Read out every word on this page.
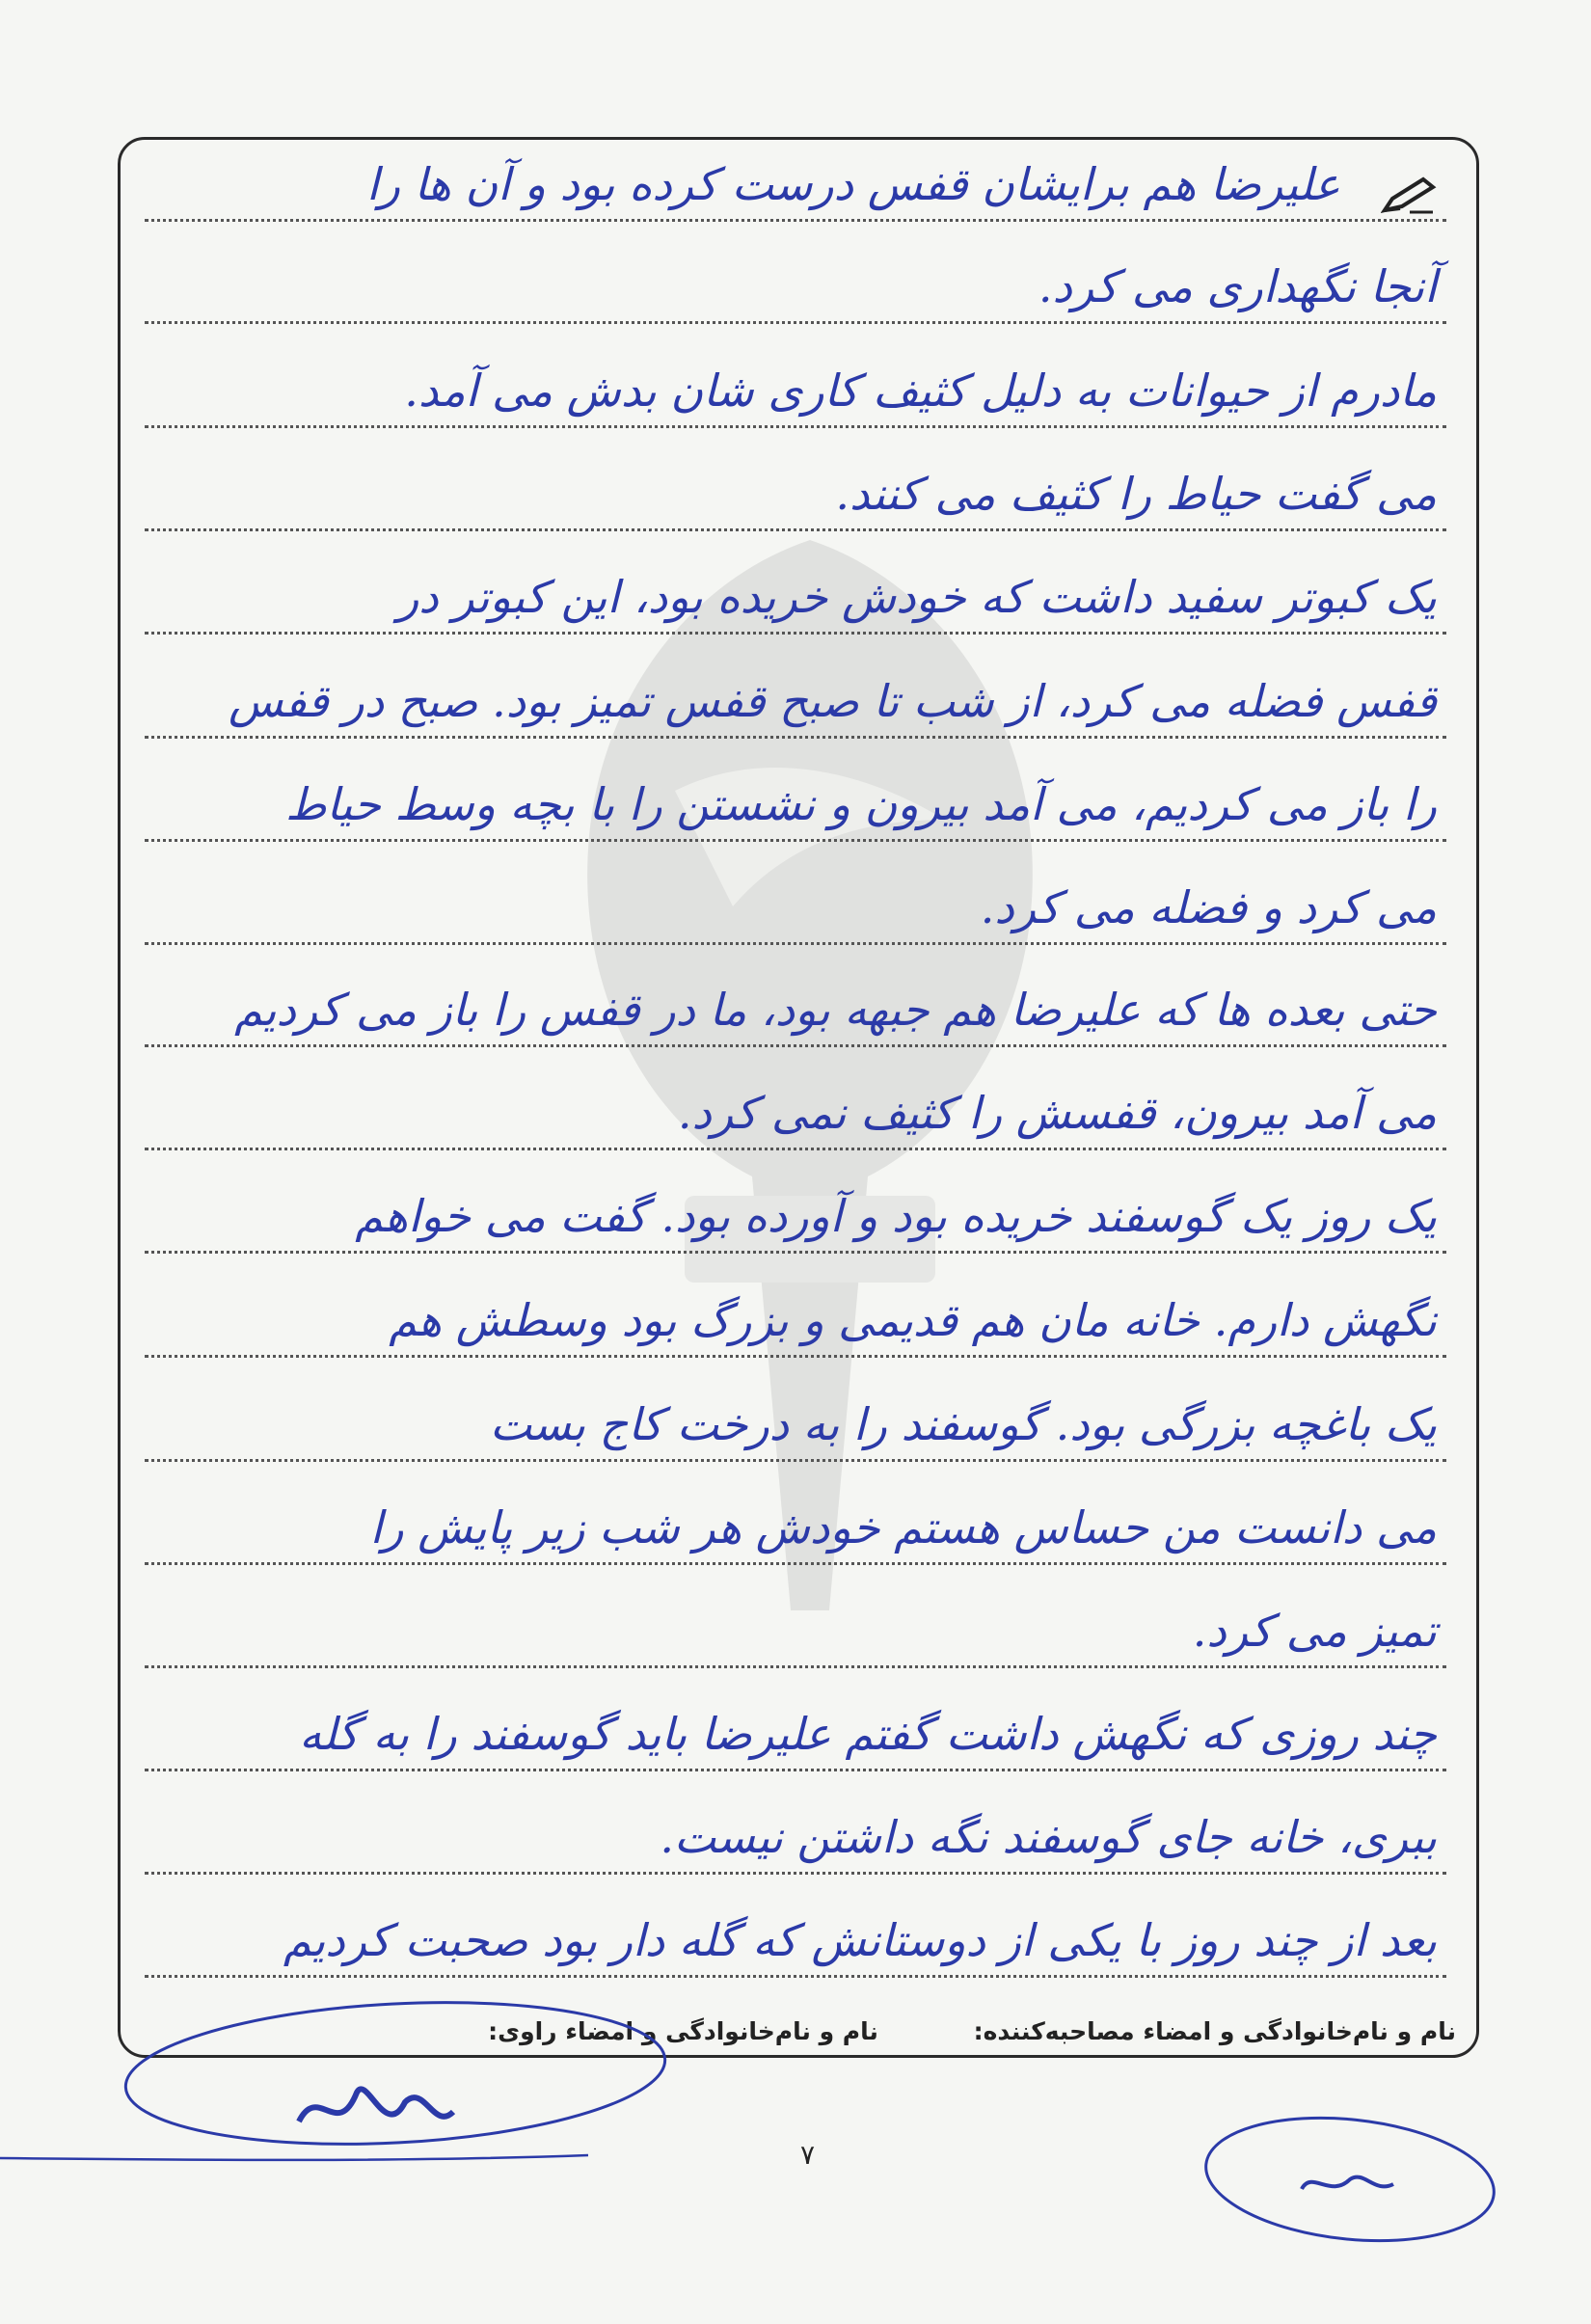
علیرضا هم برایشان قفس درست کرده بود و آن ها را
آنجا نگهداری می کرد.
مادرم از حیوانات به دلیل کثیف کاری شان بدش می آمد.
می گفت حیاط را کثیف می کنند.
یک کبوتر سفید داشت که خودش خریده بود، این کبوتر در
قفس فضله می کرد، از شب تا صبح قفس تمیز بود. صبح در قفس
را باز می کردیم، می آمد بیرون و نشستن را با بچه وسط حیاط
می کرد و فضله می کرد.
حتی بعده ها که علیرضا هم جبهه بود، ما در قفس را باز می کردیم
می آمد بیرون، قفسش را کثیف نمی کرد.
یک روز یک گوسفند خریده بود و آورده بود. گفت می خواهم
نگهش دارم. خانه مان هم قدیمی و بزرگ بود وسطش هم
یک باغچه بزرگی بود. گوسفند را به درخت کاج بست
می دانست من حساس هستم خودش هر شب زیر پایش را
تمیز می کرد.
چند روزی که نگهش داشت گفتم علیرضا باید گوسفند را به گله
ببری، خانه جای گوسفند نگه داشتن نیست.
بعد از چند روز با یکی از دوستانش که گله دار بود صحبت کردیم
نام و نام‌خانوادگی و امضاء مصاحبه‌کننده: نام و نام‌خانوادگی و امضاء راوی:
۷
